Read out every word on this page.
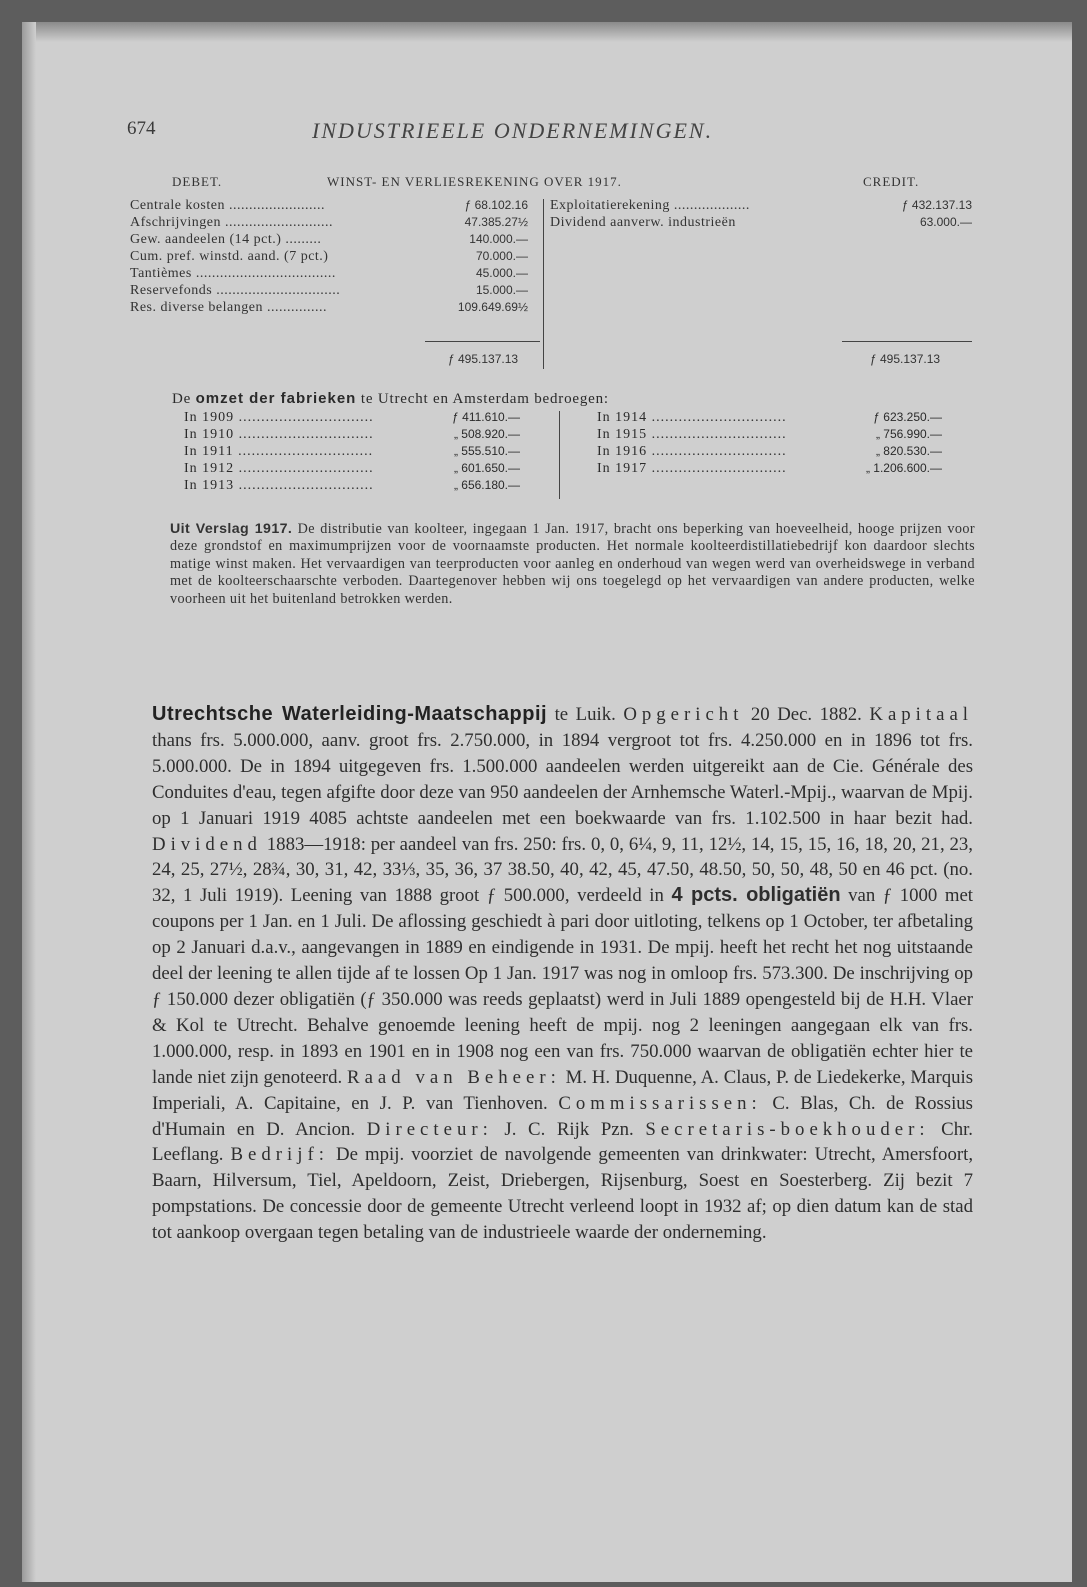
674	INDUSTRIEELE ONDERNEMINGEN.
DEBET.	WINST- EN VERLIESREKENING OVER 1917.	CREDIT.
Centrale kosten ........................	ƒ 68.102.16
Afschrijvingen ...........................	47.385.27½
Gew. aandeelen (14 pct.) .........	140.000.—
Cum. pref. winstd. aand. (7 pct.)	70.000.—
Tantièmes ...................................	45.000.—
Reservefonds ...............................	15.000.—
Res. diverse belangen ...............	109.649.69½
Exploitatierekening ...................	ƒ 432.137.13
Dividend aanverw. industrieën	63.000.—
ƒ 495.137.13	ƒ 495.137.13
De omzet der fabrieken te Utrecht en Amsterdam bedroegen:
In 1909 ..............................	ƒ 411.610.—
In 1910 ..............................	„ 508.920.—
In 1911 ..............................	„ 555.510.—
In 1912 ..............................	„ 601.650.—
In 1913 ..............................	„ 656.180.—
In 1914 ..............................	ƒ 623.250.—
In 1915 ..............................	„ 756.990.—
In 1916 ..............................	„ 820.530.—
In 1917 ..............................	„ 1.206.600.—

Uit Verslag 1917. De distributie van koolteer, ingegaan 1 Jan. 1917, bracht ons beperking van hoeveelheid, hooge prijzen voor deze grondstof en maximumprijzen voor de voornaamste producten. Het normale koolteerdistillatiebedrijf kon daardoor slechts matige winst maken. Het vervaardigen van teerproducten voor aanleg en onderhoud van wegen werd van overheidswege in verband met de koolteerschaarschte verboden. Daartegenover hebben wij ons toegelegd op het vervaardigen van andere producten, welke voorheen uit het buitenland betrokken werden.

Utrechtsche Waterleiding-Maatschappij te Luik. Opgericht 20 Dec. 1882. Kapitaal thans frs. 5.000.000, aanv. groot frs. 2.750.000, in 1894 vergroot tot frs. 4.250.000 en in 1896 tot frs. 5.000.000. De in 1894 uitgegeven frs. 1.500.000 aandeelen werden uitgereikt aan de Cie. Générale des Conduites d'eau, tegen afgifte door deze van 950 aandeelen der Arnhemsche Waterl.-Mpij., waarvan de Mpij. op 1 Januari 1919 4085 achtste aandeelen met een boekwaarde van frs. 1.102.500 in haar bezit had. Dividend 1883—1918: per aandeel van frs. 250: frs. 0, 0, 6¼, 9, 11, 12½, 14, 15, 15, 16, 18, 20, 21, 23, 24, 25, 27½, 28¾, 30, 31, 42, 33⅓, 35, 36, 37 38.50, 40, 42, 45, 47.50, 48.50, 50, 50, 48, 50 en 46 pct. (no. 32, 1 Juli 1919). Leening van 1888 groot ƒ 500.000, verdeeld in 4 pcts. obligatiën van ƒ 1000 met coupons per 1 Jan. en 1 Juli. De aflossing geschiedt à pari door uitloting, telkens op 1 October, ter afbetaling op 2 Januari d.a.v., aangevangen in 1889 en eindigende in 1931. De mpij. heeft het recht het nog uitstaande deel der leening te allen tijde af te lossen Op 1 Jan. 1917 was nog in omloop frs. 573.300. De inschrijving op ƒ 150.000 dezer obligatiën (ƒ 350.000 was reeds geplaatst) werd in Juli 1889 opengesteld bij de H.H. Vlaer & Kol te Utrecht. Behalve genoemde leening heeft de mpij. nog 2 leeningen aangegaan elk van frs. 1.000.000, resp. in 1893 en 1901 en in 1908 nog een van frs. 750.000 waarvan de obligatiën echter hier te lande niet zijn genoteerd. Raad van Beheer: M. H. Duquenne, A. Claus, P. de Liedekerke, Marquis Imperiali, A. Capitaine, en J. P. van Tienhoven. Commissarissen: C. Blas, Ch. de Rossius d'Humain en D. Ancion. Directeur: J. C. Rijk Pzn. Secretaris-boekhouder: Chr. Leeflang. Bedrijf: De mpij. voorziet de navolgende gemeenten van drinkwater: Utrecht, Amersfoort, Baarn, Hilversum, Tiel, Apeldoorn, Zeist, Driebergen, Rijsenburg, Soest en Soesterberg. Zij bezit 7 pompstations. De concessie door de gemeente Utrecht verleend loopt in 1932 af; op dien datum kan de stad tot aankoop overgaan tegen betaling van de industrieele waarde der onderneming.
